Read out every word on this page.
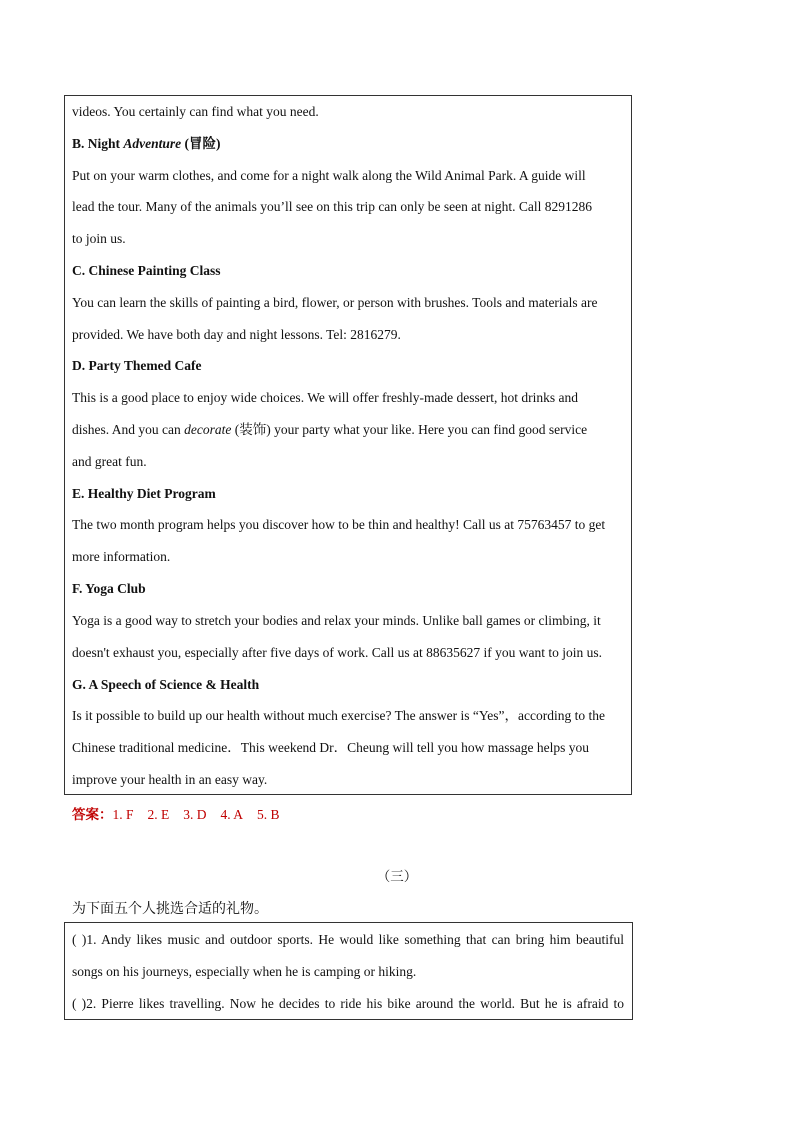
videos. You certainly can find what you need.
B. Night Adventure (冒险)
Put on your warm clothes, and come for a night walk along the Wild Animal Park. A guide will
lead the tour. Many of the animals you’ll see on this trip can only be seen at night. Call 8291286
to join us.
C. Chinese Painting Class
You can learn the skills of painting a bird, flower, or person with brushes. Tools and materials are
provided. We have both day and night lessons. Tel: 2816279.
D. Party Themed Cafe
This is a good place to enjoy wide choices. We will offer freshly-made dessert, hot drinks and
dishes. And you can decorate (装饰) your party what your like. Here you can find good service
and great fun.
E. Healthy Diet Program
The two month program helps you discover how to be thin and healthy! Call us at 75763457 to get
more information.
F. Yoga Club
Yoga is a good way to stretch your bodies and relax your minds. Unlike ball games or climbing, it
doesn't exhaust you, especially after five days of work. Call us at 88635627 if you want to join us.
G. A Speech of Science & Health
Is it possible to build up our health without much exercise? The answer is “Yes”，according to the
Chinese traditional medicine．This weekend Dr．Cheung will tell you how massage helps you
improve your health in an easy way.
答案：1. F 2. E 3. D 4. A 5. B
（三）
为下面五个人挑选合适的礼物。
( )1. Andy likes music and outdoor sports. He would like something that can bring him beautiful
songs on his journeys, especially when he is camping or hiking.
( )2. Pierre likes travelling. Now he decides to ride his bike around the world. But he is afraid to
